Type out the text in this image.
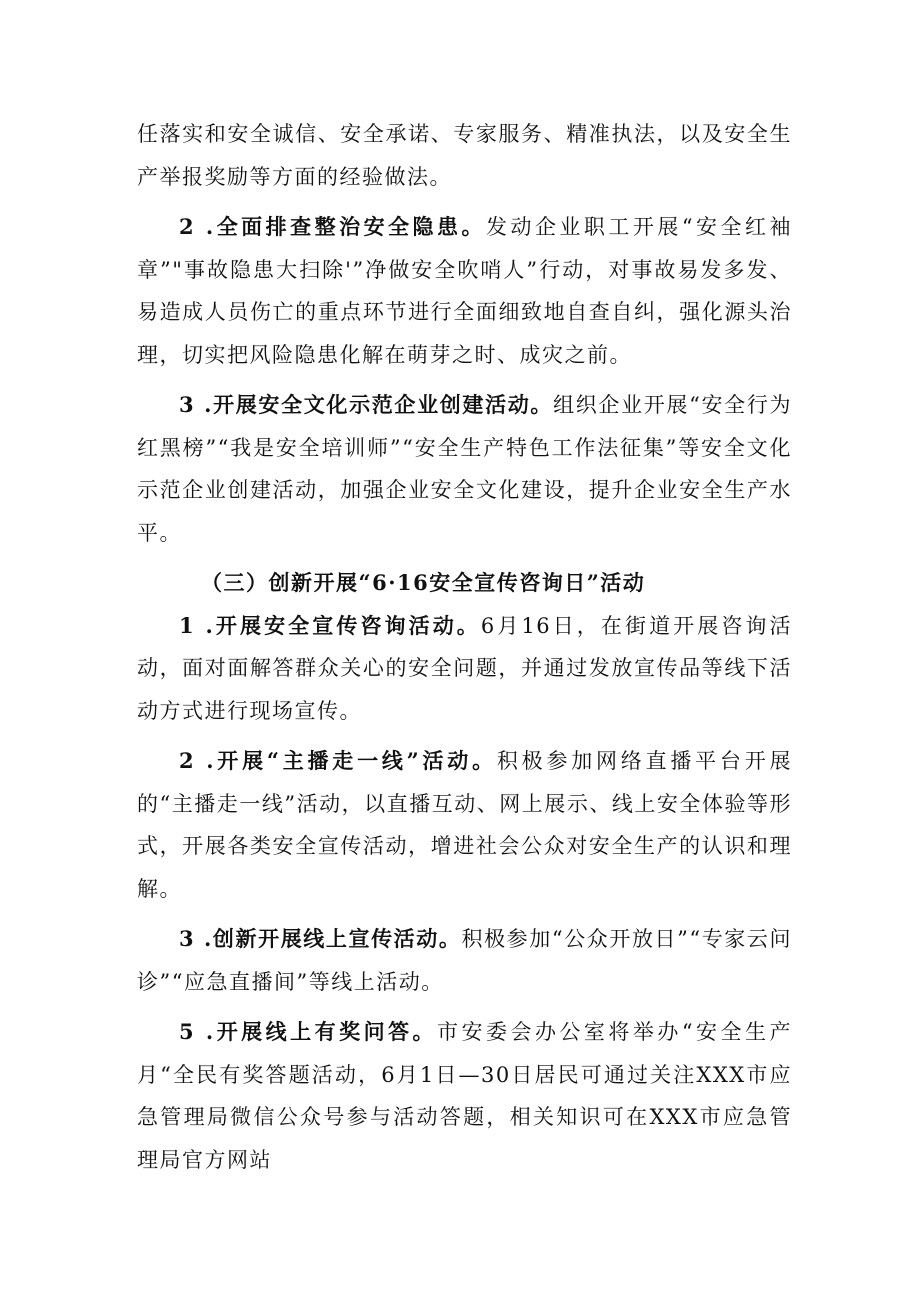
任落实和安全诚信、安全承诺、专家服务、精准执法，以及安全生产举报奖励等方面的经验做法。

2 .全面排查整治安全隐患。发动企业职工开展“安全红袖章”"事故隐患大扫除'”净做安全吹哨人”行动，对事故易发多发、易造成人员伤亡的重点环节进行全面细致地自查自纠，强化源头治理，切实把风险隐患化解在萌芽之时、成灾之前。

3 .开展安全文化示范企业创建活动。组织企业开展“安全行为红黑榜”“我是安全培训师”“安全生产特色工作法征集”等安全文化示范企业创建活动，加强企业安全文化建设，提升企业安全生产水平。

（三）创新开展“6·16安全宣传咨询日”活动

1 .开展安全宣传咨询活动。6月16日，在街道开展咨询活动，面对面解答群众关心的安全问题，并通过发放宣传品等线下活动方式进行现场宣传。

2 .开展“主播走一线”活动。积极参加网络直播平台开展的“主播走一线”活动，以直播互动、网上展示、线上安全体验等形式，开展各类安全宣传活动，增进社会公众对安全生产的认识和理解。

3 .创新开展线上宣传活动。积极参加“公众开放日”“专家云问诊”“应急直播间”等线上活动。

5 .开展线上有奖问答。市安委会办公室将举办“安全生产月“全民有奖答题活动，6月1日—30日居民可通过关注XXX市应急管理局微信公众号参与活动答题，相关知识可在XXX市应急管理局官方网站
